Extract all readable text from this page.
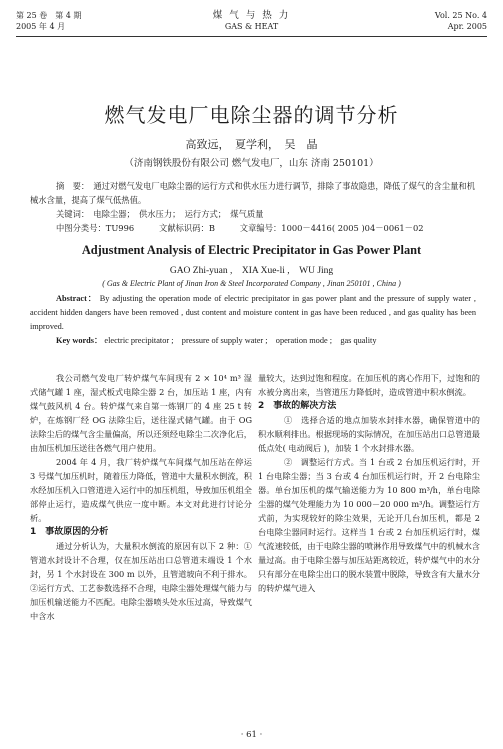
第 25 卷　第 4 期
2005 年 4 月
煤 气 与 热 力
GAS & HEAT
Vol. 25 No. 4
Apr. 2005
燃气发电厂电除尘器的调节分析
高致远，　夏学利，　吴　晶
（济南钢铁股份有限公司 燃气发电厂，山东 济南 250101）

摘　要：　通过对燃气发电厂电除尘器的运行方式和供水压力进行调节，排除了事故隐患，降低了煤气的含尘量和机械水含量，提高了煤气低热值。

关键词：　电除尘器；　供水压力；　运行方式；　煤气质量

中图分类号：TU996　　　文献标识码：B　　　文章编号：1000－4416( 2005 )04－0061－02

Adjustment Analysis of Electric Precipitator in Gas Power Plant
GAO Zhi-yuan ,　XIA Xue-li ,　WU Jing
( Gas & Electric Plant of Jinan Iron & Steel Incorporated Company , Jinan 250101 , China )

Abstract： By adjusting the operation mode of electric precipitator in gas power plant and the pressure of supply water , accident hidden dangers have been removed , dust content and moisture content in gas have been reduced , and gas quality has been improved.

Key words： electric precipitator ;　pressure of supply water ;　operation mode ;　gas quality

我公司燃气发电厂转炉煤气车间现有 2 × 10⁴ m³ 湿式储气罐 1 座，湿式板式电除尘器 2 台，加压站 1 座，内有煤气鼓风机 4 台。转炉煤气来自第一炼钢厂的 4 座 25 t 转炉，在炼钢厂经 OG 法除尘后，送往湿式储气罐。由于 OG 法除尘后的煤气含尘量偏高，所以还须经电除尘二次净化后，由加压机加压送往各燃气用户使用。

2004 年 4 月，我厂转炉煤气车间煤气加压站在停运 3 号煤气加压机时，随着压力降低，管道中大量积水倒流，积水经加压机入口管道进入运行中的加压机组，导致加压机组全部停止运行，造成煤气供应一度中断。本文对此进行讨论分析。

1　事故原因的分析

通过分析认为，大量积水倒流的原因有以下 2 种：①管道水封设计不合理，仅在加压站出口总管道末端设 1 个水封，另 1 个水封设在 300 m 以外，且管道坡向不利于排水。②运行方式、工艺参数选择不合理，电除尘器处理煤气能力与加压机输送能力不匹配。电除尘器喷头处水压过高，导致煤气中含水

量较大，达到过饱和程度。在加压机的离心作用下，过饱和的水被分离出来，当管道压力降低时，造成管道中积水倒流。

2　事故的解决方法

①　选择合适的地点加装水封排水器，确保管道中的积水顺利排出。根据现场的实际情况，在加压站出口总管道最低点处( 电动阀后 )，加装 1 个水封排水器。

②　调整运行方式。当 1 台或 2 台加压机运行时，开 1 台电除尘器；当 3 台或 4 台加压机运行时，开 2 台电除尘器。单台加压机的煤气输送能力为 10 800 m³/h，单台电除尘器的煤气处理能力为 10 000－20 000 m³/h。调整运行方式前，为实现较好的除尘效果，无论开几台加压机，都是 2 台电除尘器同时运行。这样当 1 台或 2 台加压机运行时，煤气流速较低，由于电除尘器的喷淋作用导致煤气中的机械水含量过高。由于电除尘器与加压站距离较近，转炉煤气中的水分只有部分在电除尘出口的脱水装置中脱除，导致含有大量水分的转炉煤气进入

· 61 ·
